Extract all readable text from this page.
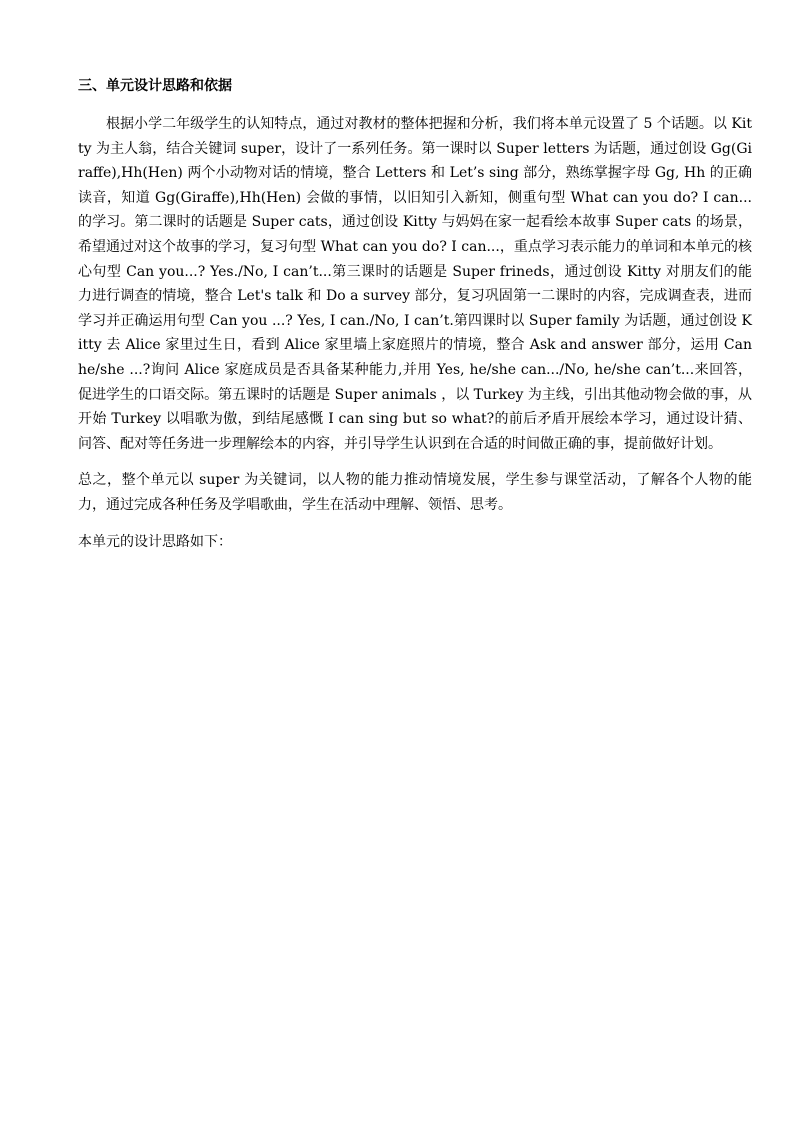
三、单元设计思路和依据

根据小学二年级学生的认知特点，通过对教材的整体把握和分析，我们将本单元设置了 5 个话题。以 Kitty 为主人翁，结合关键词 super，设计了一系列任务。第一课时以 Super letters 为话题，通过创设 Gg(Giraffe),Hh(Hen) 两个小动物对话的情境，整合 Letters 和 Let’s sing 部分，熟练掌握字母 Gg, Hh 的正确读音，知道 Gg(Giraffe),Hh(Hen) 会做的事情，以旧知引入新知，侧重句型 What can you do? I can...的学习。第二课时的话题是 Super cats，通过创设 Kitty 与妈妈在家一起看绘本故事 Super cats 的场景，希望通过对这个故事的学习，复习句型 What can you do? I can...，重点学习表示能力的单词和本单元的核心句型 Can you...? Yes./No, I can’t...第三课时的话题是 Super frineds，通过创设 Kitty 对朋友们的能力进行调查的情境，整合 Let's talk 和 Do a survey 部分，复习巩固第一二课时的内容，完成调查表，进而学习并正确运用句型 Can you ...? Yes, I can./No, I can’t.第四课时以 Super family 为话题，通过创设 Kitty 去 Alice 家里过生日，看到 Alice 家里墙上家庭照片的情境，整合 Ask and answer 部分，运用 Can he/she ...?询问 Alice 家庭成员是否具备某种能力,并用 Yes, he/she can.../No, he/she can’t...来回答，促进学生的口语交际。第五课时的话题是 Super animals ，以 Turkey 为主线，引出其他动物会做的事，从开始 Turkey 以唱歌为傲，到结尾感慨 I can sing but so what?的前后矛盾开展绘本学习，通过设计猜、问答、配对等任务进一步理解绘本的内容，并引导学生认识到在合适的时间做正确的事，提前做好计划。

总之，整个单元以 super 为关键词，以人物的能力推动情境发展，学生参与课堂活动，了解各个人物的能力，通过完成各种任务及学唱歌曲，学生在活动中理解、领悟、思考。

本单元的设计思路如下：
